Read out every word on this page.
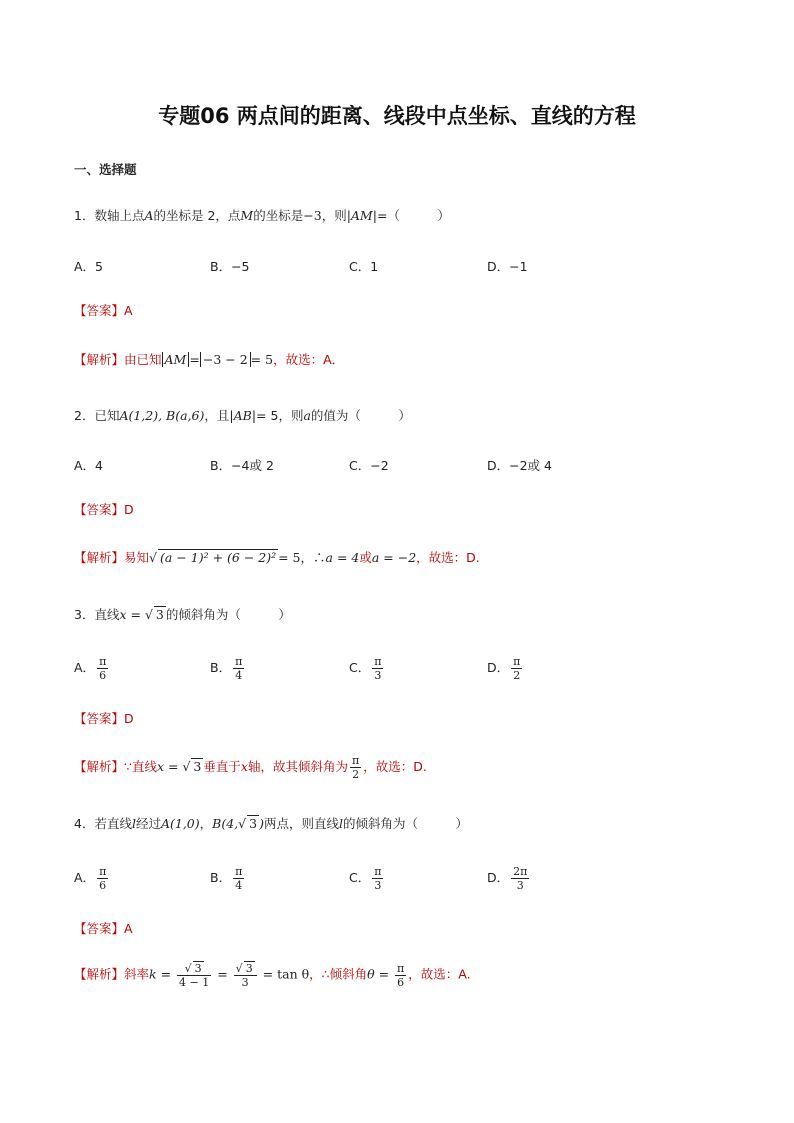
专题06 两点间的距离、线段中点坐标、直线的方程
一、选择题
1．数轴上点A的坐标是 2，点M的坐标是−3，则|AM|=（　　　）
A．5	B．−5	C．1	D．−1
【答案】A
【解析】由已知 AM = −3 − 2 = 5，故选：A．
2．已知A(1,2), B(a,6)，且|AB|= 5，则a的值为（　　　）
A．4	B．−4或 2	C．−2	D．−2或 4
【答案】D
【解析】易知√ (a − 1)² + (6 − 2)² = 5，∴a = 4或a = −2，故选：D.
3．直线x = √ 3 的倾斜角为（　　　）
A． $\frac{\pi}{6}$	B． $\frac{\pi}{4}$	C． $\frac{\pi}{3}$	D． $\frac{\pi}{2}$
【答案】D
【解析】∵直线x = √ 3 垂直于x轴，故其倾斜角为 $\frac{\pi}{2}$ ，故选：D.
4．若直线l经过A(1,0)，B(4,√ 3 )两点，则直线l的倾斜角为（　　　）
A． $\frac{\pi}{6}$	B． $\frac{\pi}{4}$	C． $\frac{\pi}{3}$	D． $\frac{2\pi}{3}$
【答案】A
【解析】斜率$k = \frac{√ 3}{4 - 1} = \frac{√ 3}{3} = \tan \theta$，∴倾斜角$\theta = \frac{\pi}{6}$ ，故选：A.
